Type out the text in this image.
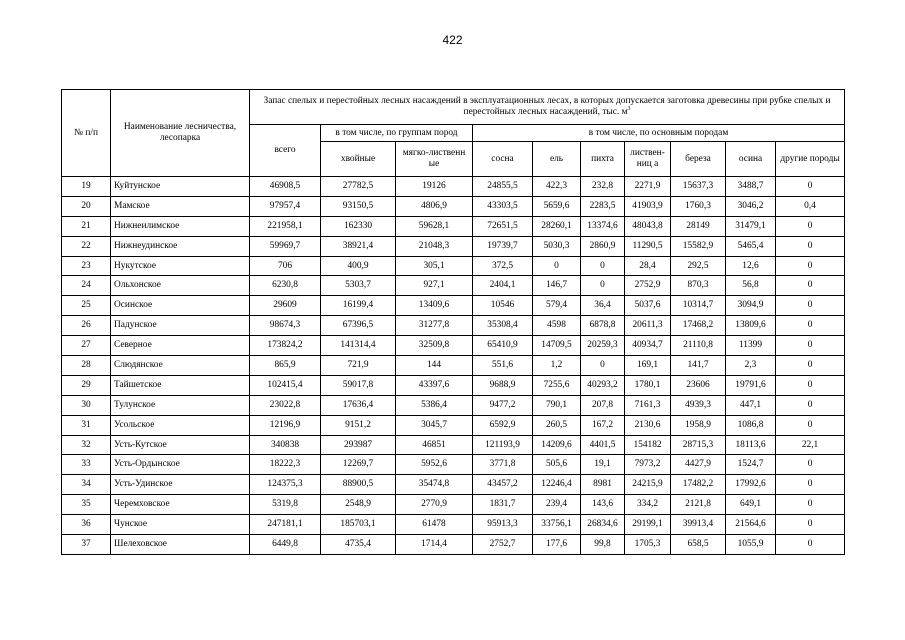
422
№ п/п	Наименование лесничества, лесопарка	Запас спелых и перестойных лесных насаждений в эксплуатационных лесах, в которых допускается заготовка древесины при рубке спелых и перестойных лесных насаждений, тыс. $м^3$
		всего	в том числе, по группам пород		в том числе, по основным породам						
			хвойные	мягко-лиственн ые	сосна	ель	пихта	листвен-ниц а	береза	осина	другие породы
19	Куйтунское	46908,5	27782,5	19126	24855,5	422,3	232,8	2271,9	15637,3	3488,7	0
20	Мамское	97957,4	93150,5	4806,9	43303,5	5659,6	2283,5	41903,9	1760,3	3046,2	0,4
21	Нижнеилимское	221958,1	162330	59628,1	72651,5	28260,1	13374,6	48043,8	28149	31479,1	0
22	Нижнеудинское	59969,7	38921,4	21048,3	19739,7	5030,3	2860,9	11290,5	15582,9	5465,4	0
23	Нукутское	706	400,9	305,1	372,5	0	0	28,4	292,5	12,6	0
24	Ольхонское	6230,8	5303,7	927,1	2404,1	146,7	0	2752,9	870,3	56,8	0
25	Осинское	29609	16199,4	13409,6	10546	579,4	36,4	5037,6	10314,7	3094,9	0
26	Падунское	98674,3	67396,5	31277,8	35308,4	4598	6878,8	20611,3	17468,2	13809,6	0
27	Северное	173824,2	141314,4	32509,8	65410,9	14709,5	20259,3	40934,7	21110,8	11399	0
28	Слюдянское	865,9	721,9	144	551,6	1,2	0	169,1	141,7	2,3	0
29	Тайшетское	102415,4	59017,8	43397,6	9688,9	7255,6	40293,2	1780,1	23606	19791,6	0
30	Тулунское	23022,8	17636,4	5386,4	9477,2	790,1	207,8	7161,3	4939,3	447,1	0
31	Усольское	12196,9	9151,2	3045,7	6592,9	260,5	167,2	2130,6	1958,9	1086,8	0
32	Усть-Кутское	340838	293987	46851	121193,9	14209,6	4401,5	154182	28715,3	18113,6	22,1
33	Усть-Ордынское	18222,3	12269,7	5952,6	3771,8	505,6	19,1	7973,2	4427,9	1524,7	0
34	Усть-Удинское	124375,3	88900,5	35474,8	43457,2	12246,4	8981	24215,9	17482,2	17992,6	0
35	Черемховское	5319,8	2548,9	2770,9	1831,7	239,4	143,6	334,2	2121,8	649,1	0
36	Чунское	247181,1	185703,1	61478	95913,3	33756,1	26834,6	29199,1	39913,4	21564,6	0
37	Шелеховское	6449,8	4735,4	1714,4	2752,7	177,6	99,8	1705,3	658,5	1055,9	0
